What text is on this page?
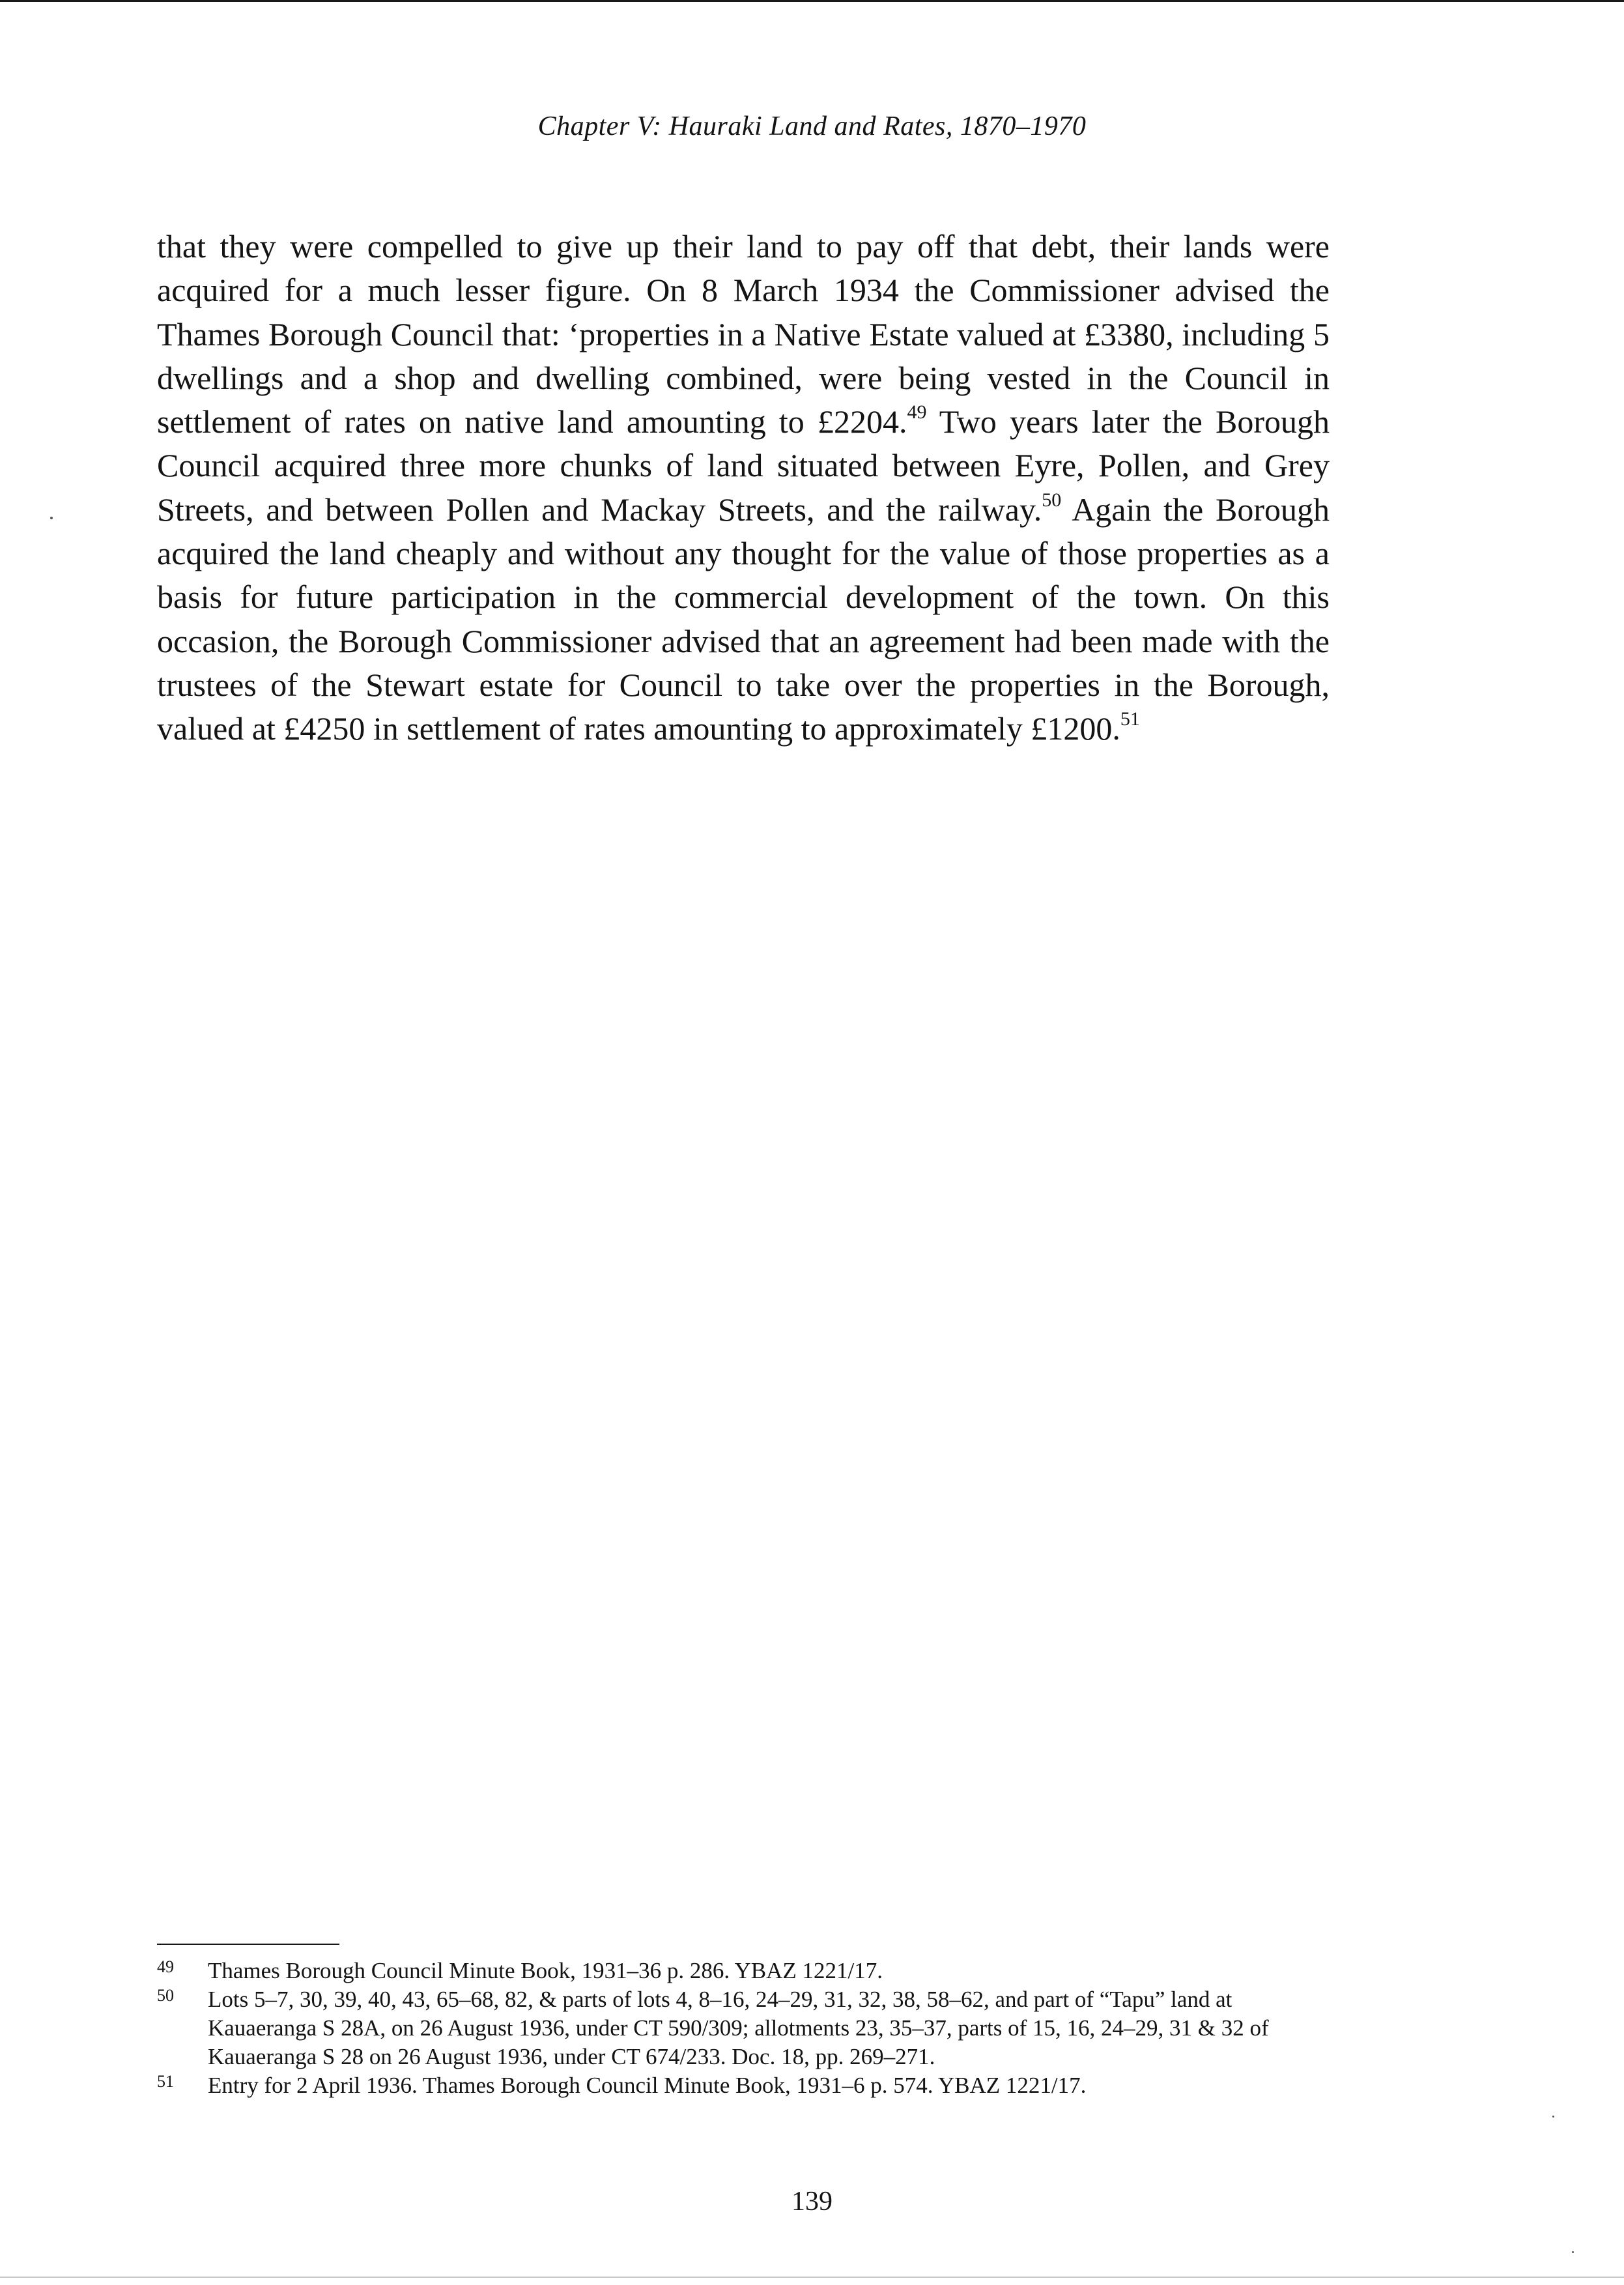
Chapter V: Hauraki Land and Rates, 1870–1970

that they were compelled to give up their land to pay off that debt, their lands were acquired for a much lesser figure. On 8 March 1934 the Commissioner advised the Thames Borough Council that: ‘properties in a Native Estate valued at £3380, including 5 dwellings and a shop and dwelling combined, were being vested in the Council in settlement of rates on native land amounting to £2204.49 Two years later the Borough Council acquired three more chunks of land situated between Eyre, Pollen, and Grey Streets, and between Pollen and Mackay Streets, and the railway.$^{50}$ Again the Borough acquired the land cheaply and without any thought for the value of those properties as a basis for future participation in the commercial development of the town. On this occasion, the Borough Commissioner advised that an agreement had been made with the trustees of the Stewart estate for Council to take over the properties in the Borough, valued at £4250 in settlement of rates amounting to approximately £1200.51

49 Thames Borough Council Minute Book, 1931–36 p. 286. YBAZ 1221/17.
50 Lots 5–7, 30, 39, 40, 43, 65–68, 82, & parts of lots 4, 8–16, 24–29, 31, 32, 38, 58–62, and part of “Tapu” land at Kauaeranga S 28A, on 26 August 1936, under CT 590/309; allotments 23, 35–37, parts of 15, 16, 24–29, 31 & 32 of Kauaeranga S 28 on 26 August 1936, under CT 674/233. Doc. 18, pp. 269–271.
51 Entry for 2 April 1936. Thames Borough Council Minute Book, 1931–6 p. 574. YBAZ 1221/17.
139
